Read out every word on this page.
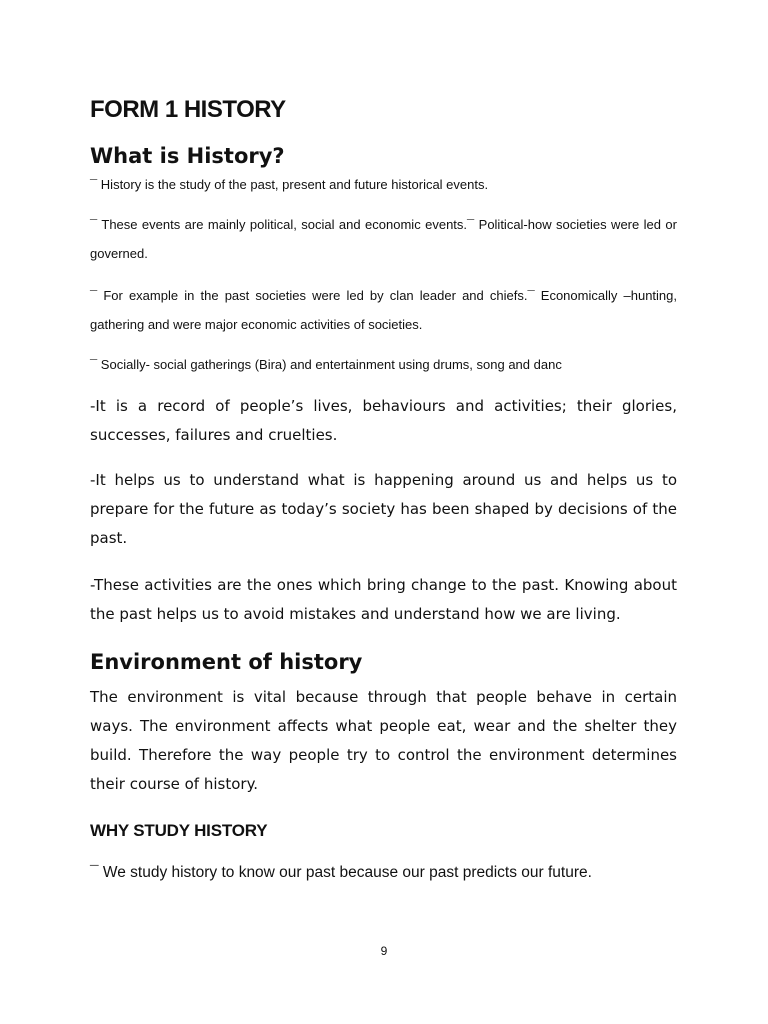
FORM 1 HISTORY
What is History?

¯ History is the study of the past, present and future historical events.

¯ These events are mainly political, social and economic events.¯ Political-how societies were led or governed.

¯ For example in the past societies were led by clan leader and chiefs.¯ Economically –hunting, gathering and were major economic activities of societies.

¯ Socially- social gatherings (Bira) and entertainment using drums, song and danc

-It is a record of people’s lives, behaviours and activities; their glories, successes, failures and cruelties.

-It helps us to understand what is happening around us and helps us to prepare for the future as today’s society has been shaped by decisions of the past.

-These activities are the ones which bring change to the past. Knowing about the past helps us to avoid mistakes and understand how we are living.

Environment of history

The environment is vital because through that people behave in certain ways. The environment affects what people eat, wear and the shelter they build. Therefore the way people try to control the environment determines their course of history.

WHY STUDY HISTORY

¯ We study history to know our past because our past predicts our future.

9
